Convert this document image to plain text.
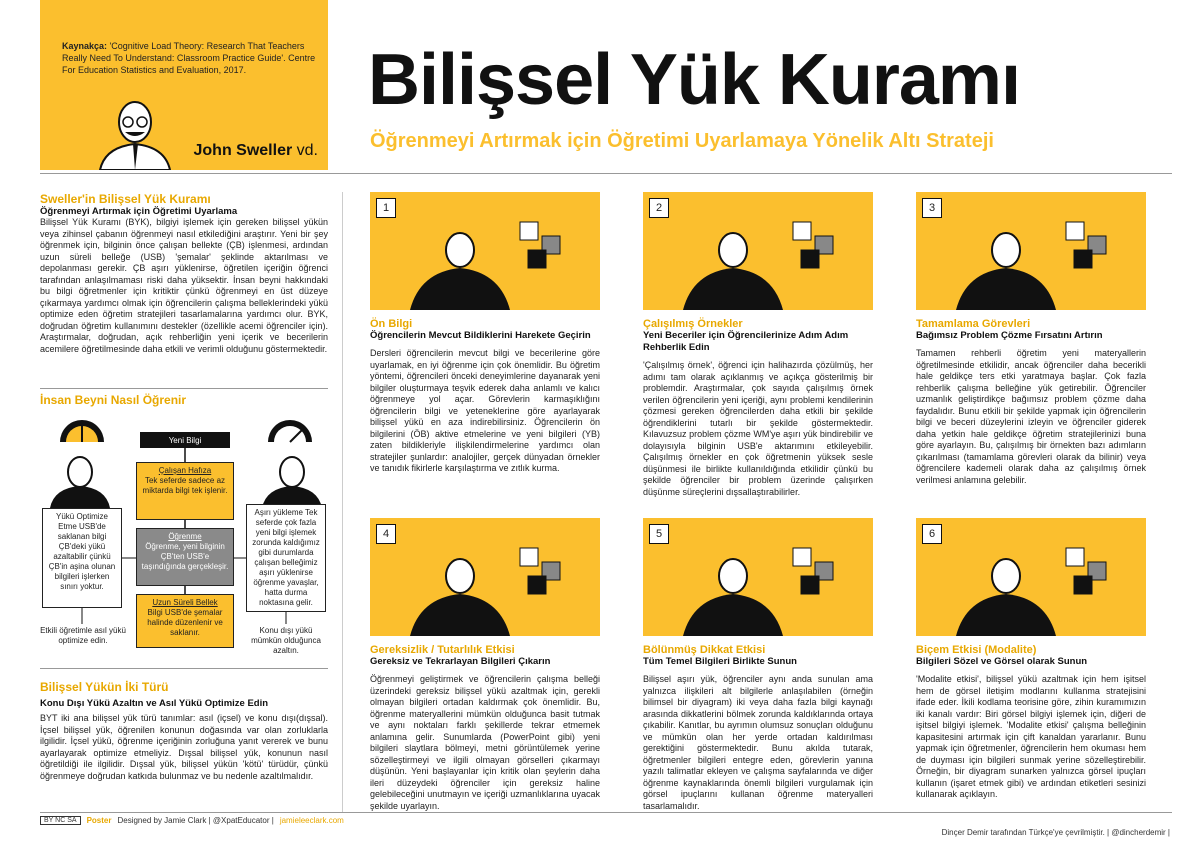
Kaynakça: 'Cognitive Load Theory: Research That Teachers Really Need To Understand: Classroom Practice Guide'. Centre For Education Statistics and Evaluation, 2017.
John Sweller vd.
Bilişsel Yük Kuramı
Öğrenmeyi Artırmak için Öğretimi Uyarlamaya Yönelik Altı Strateji
Sweller'in Bilişsel Yük Kuramı
Öğrenmeyi Artırmak için Öğretimi Uyarlama
Bilişsel Yük Kuramı (BYK), bilgiyi işlemek için gereken bilişsel yükün veya zihinsel çabanın öğrenmeyi nasıl etkilediğini araştırır. Yeni bir şey öğrenmek için, bilginin önce çalışan bellekte (ÇB) işlenmesi, ardından uzun süreli belleğe (USB) 'şemalar' şeklinde aktarılması ve depolanması gerekir. ÇB aşırı yüklenirse, öğretilen içeriğin öğrenci tarafından anlaşılmaması riski daha yüksektir. İnsan beyni hakkındaki bu bilgi öğretmenler için kritiktir çünkü öğrenmeyi en üst düzeye çıkarmaya yardımcı olmak için öğrencilerin çalışma belleklerindeki yükü optimize eden öğretim stratejileri tasarlamalarına yardımcı olur. BYK, doğrudan öğretim kullanımını destekler (özellikle acemi öğrenciler için). Araştırmalar, doğrudan, açık rehberliğin yeni içerik ve becerilerin acemilere öğretilmesinde daha etkili ve verimli olduğunu göstermektedir.
İnsan Beyni Nasıl Öğrenir
Yeni Bilgi
Çalışan Hafıza
Tek seferde sadece az miktarda bilgi tek işlenir.
Öğrenme
Öğrenme, yeni bilginin ÇB'ten USB'e taşındığında gerçekleşir.
Uzun Süreli Bellek
Bilgi USB'de şemalar halinde düzenlenir ve saklanır.
Yükü Optimize Etme USB'de saklanan bilgi ÇB'deki yükü azaltabilir çünkü ÇB'in aşina olunan bilgileri işlerken sınırı yoktur.
Aşırı yükleme Tek seferde çok fazla yeni bilgi işlemek zorunda kaldığımız gibi durumlarda çalışan belleğimiz aşırı yüklenirse öğrenme yavaşlar, hatta durma noktasına gelir.
Etkili öğretimle asıl yükü optimize edin.
Konu dışı yükü mümkün olduğunca azaltın.
Bilişsel Yükün İki Türü
Konu Dışı Yükü Azaltın ve Asıl Yükü Optimize Edin
BYT iki ana bilişsel yük türü tanımlar: asıl (içsel) ve konu dışı(dışsal). İçsel bilişsel yük, öğrenilen konunun doğasında var olan zorluklarla ilgilidir. İçsel yükü, öğrenme içeriğinin zorluğuna yanıt vererek ve bunu ayarlayarak optimize etmeliyiz. Dışsal bilişsel yük, konunun nasıl öğretildiği ile ilgilidir. Dışsal yük, bilişsel yükün 'kötü' türüdür, çünkü öğrenmeye doğrudan katkıda bulunmaz ve bu nedenle azaltılmalıdır.
1
Ön Bilgi
Öğrencilerin Mevcut Bildiklerini Harekete Geçirin
Dersleri öğrencilerin mevcut bilgi ve becerilerine göre uyarlamak, en iyi öğrenme için çok önemlidir. Bu öğretim yöntemi, öğrencileri önceki deneyimlerine dayanarak yeni bilgiler oluşturmaya teşvik ederek daha anlamlı ve kalıcı öğrenmeye yol açar. Görevlerin karmaşıklığını öğrencilerin bilgi ve yeteneklerine göre ayarlayarak bilişsel yükü en aza indirebilirsiniz. Öğrencilerin ön bilgilerini (ÖB) aktive etmelerine ve yeni bilgileri (YB) zaten bildikleriyle ilişkilendirmelerine yardımcı olan stratejiler şunlardır: analojiler, gerçek dünyadan örnekler ve tanıdık fikirlerle karşılaştırma ve zıtlık kurma.
2
Çalışılmış Örnekler
Yeni Beceriler için Öğrencilerinize Adım Adım Rehberlik Edin
'Çalışılmış örnek', öğrenci için halihazırda çözülmüş, her adımı tam olarak açıklanmış ve açıkça gösterilmiş bir problemdir. Araştırmalar, çok sayıda çalışılmış örnek verilen öğrencilerin yeni içeriği, aynı problemi kendilerinin çözmesi gereken öğrencilerden daha etkili bir şekilde öğrendiklerini tutarlı bir şekilde göstermektedir. Kılavuzsuz problem çözme WM'ye aşırı yük bindirebilir ve dolayısıyla bilginin USB'e aktarımını etkileyebilir. Çalışılmış örnekler en çok öğretmenin yüksek sesle düşünmesi ile birlikte kullanıldığında etkilidir çünkü bu şekilde öğrenciler bir problem üzerinde çalışırken düşünme süreçlerini dışsallaştırabilirler.
3
Tamamlama Görevleri
Bağımsız Problem Çözme Fırsatını Artırın
Tamamen rehberli öğretim yeni materyallerin öğretilmesinde etkilidir, ancak öğrenciler daha becerikli hale geldikçe ters etki yaratmaya başlar. Çok fazla rehberlik çalışma belleğine yük getirebilir. Öğrenciler uzmanlık geliştirdikçe bağımsız problem çözme daha faydalıdır. Bunu etkili bir şekilde yapmak için öğrencilerin bilgi ve beceri düzeylerini izleyin ve öğrenciler giderek daha yetkin hale geldikçe öğretim stratejilerinizi buna göre ayarlayın. Bu, çalışılmış bir örnekten bazı adımların çıkarılması (tamamlama görevleri olarak da bilinir) veya öğrencilere kademeli olarak daha az çalışılmış örnek verilmesi anlamına gelebilir.
4
Gereksizlik / Tutarlılık Etkisi
Gereksiz ve Tekrarlayan Bilgileri Çıkarın
Öğrenmeyi geliştirmek ve öğrencilerin çalışma belleği üzerindeki gereksiz bilişsel yükü azaltmak için, gerekli olmayan bilgileri ortadan kaldırmak çok önemlidir. Bu, öğrenme materyallerini mümkün olduğunca basit tutmak ve aynı noktaları farklı şekillerde tekrar etmemek anlamına gelir. Sunumlarda (PowerPoint gibi) yeni bilgileri slaytlara bölmeyi, metni görüntülemek yerine sözelleştirmeyi ve ilgili olmayan görselleri çıkarmayı düşünün. Yeni başlayanlar için kritik olan şeylerin daha ileri düzeydeki öğrenciler için gereksiz haline gelebileceğini unutmayın ve içeriği uzmanlıklarına uyacak şekilde uyarlayın.
5
Bölünmüş Dikkat Etkisi
Tüm Temel Bilgileri Birlikte Sunun
Bilişsel aşırı yük, öğrenciler aynı anda sunulan ama yalnızca ilişkileri alt bilgilerle anlaşılabilen (örneğin bilimsel bir diyagram) iki veya daha fazla bilgi kaynağı arasında dikkatlerini bölmek zorunda kaldıklarında ortaya çıkabilir. Kanıtlar, bu ayrımın olumsuz sonuçları olduğunu ve mümkün olan her yerde ortadan kaldırılması gerektiğini göstermektedir. Bunu akılda tutarak, öğretmenler bilgileri entegre eden, görevlerin yanına yazılı talimatlar ekleyen ve çalışma sayfalarında ve diğer öğrenme kaynaklarında önemli bilgileri vurgulamak için görsel ipuçlarını kullanan öğrenme materyalleri tasarlamalıdır.
6
Biçem Etkisi (Modalite)
Bilgileri Sözel ve Görsel olarak Sunun
'Modalite etkisi', bilişsel yükü azaltmak için hem işitsel hem de görsel iletişim modlarını kullanma stratejisini ifade eder. İkili kodlama teorisine göre, zihin kuramımızın iki kanalı vardır: Biri görsel bilgiyi işlemek için, diğeri de işitsel bilgiyi işlemek. 'Modalite etkisi' çalışma belleğinin kapasitesini artırmak için çift kanaldan yararlanır. Bunu yapmak için öğretmenler, öğrencilerin hem okuması hem de duyması için bilgileri sunmak yerine sözelleştirebilir. Örneğin, bir diyagram sunarken yalnızca görsel ipuçları kullanın (işaret etmek gibi) ve ardından etiketleri sesinizi kullanarak açıklayın.
BY NC SA	Poster Designed by Jamie Clark | @XpatEducator | jamieleeclark.com
Dinçer Demir tarafından Türkçe'ye çevrilmiştir. | @dincherdemir |
